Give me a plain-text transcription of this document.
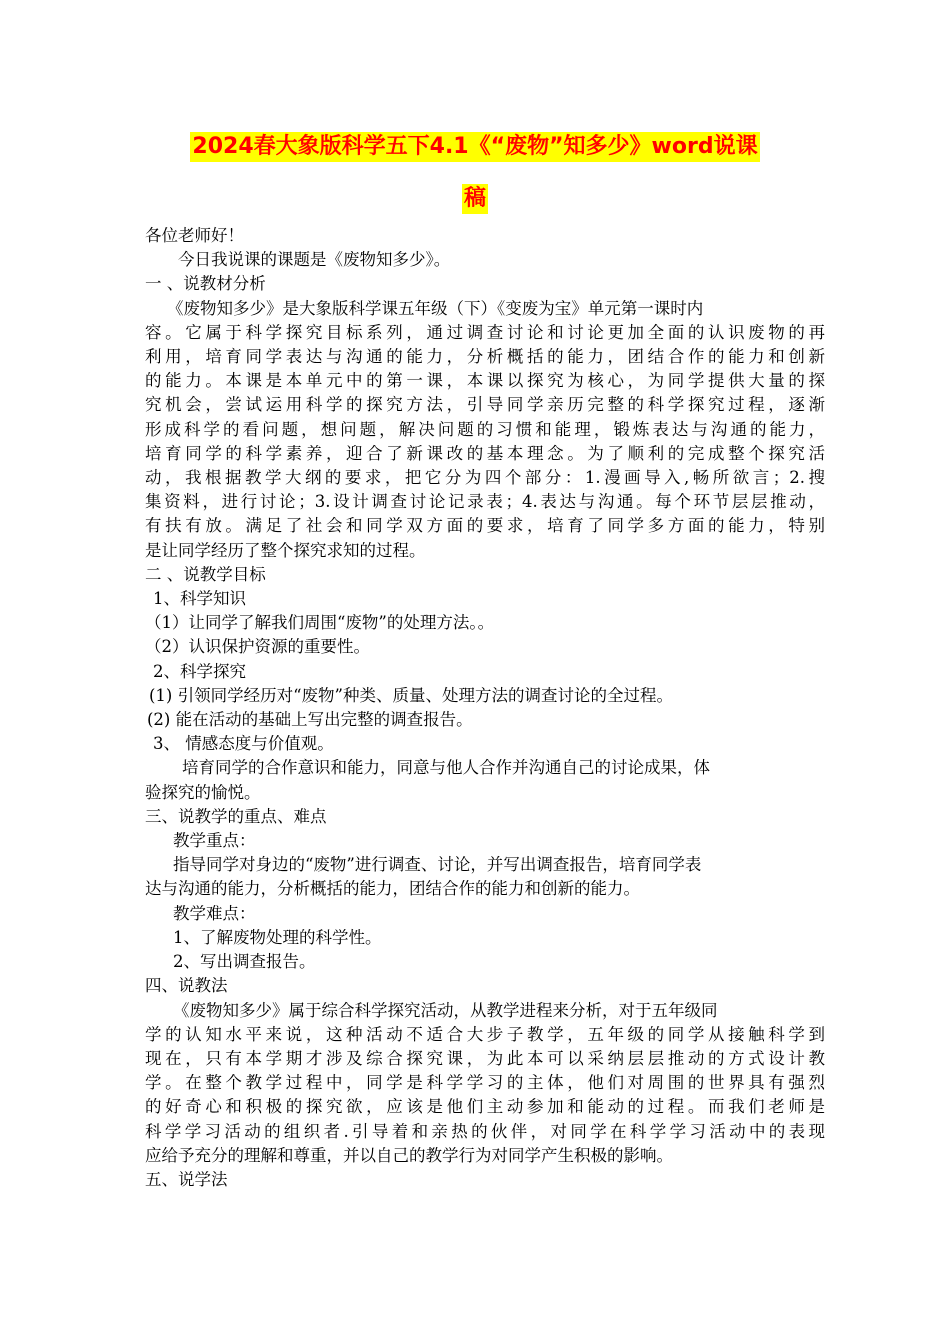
2024春大象版科学五下4.1《“废物”知多少》word说课
稿
各位老师好！
今日我说课的课题是《废物知多少》。
一 、说教材分析
《废物知多少》是大象版科学课五年级（下）《变废为宝》单元第一课时内
容。它属于科学探究目标系列，通过调查讨论和讨论更加全面的认识废物的再
利用，培育同学表达与沟通的能力，分析概括的能力，团结合作的能力和创新
的能力。本课是本单元中的第一课，本课以探究为核心，为同学提供大量的探
究机会，尝试运用科学的探究方法，引导同学亲历完整的科学探究过程，逐渐
形成科学的看问题，想问题，解决问题的习惯和能理，锻炼表达与沟通的能力，
培育同学的科学素养，迎合了新课改的基本理念。为了顺利的完成整个探究活
动，我根据教学大纲的要求，把它分为四个部分：1.漫画导入,畅所欲言；2.搜
集资料，进行讨论；3.设计调查讨论记录表；4.表达与沟通。每个环节层层推动，
有扶有放。满足了社会和同学双方面的要求，培育了同学多方面的能力，特别
是让同学经历了整个探究求知的过程。
二 、说教学目标
1、科学知识
（1）让同学了解我们周围“废物”的处理方法。。
（2）认识保护资源的重要性。
2、科学探究
(1) 引领同学经历对“废物”种类、质量、处理方法的调查讨论的全过程。
(2) 能在活动的基础上写出完整的调查报告。
3、 情感态度与价值观。
培育同学的合作意识和能力，同意与他人合作并沟通自己的讨论成果，体
验探究的愉悦。
三、说教学的重点、难点
教学重点：
指导同学对身边的“废物”进行调查、讨论，并写出调查报告，培育同学表
达与沟通的能力，分析概括的能力，团结合作的能力和创新的能力。
教学难点：
1、了解废物处理的科学性。
2、写出调查报告。
四、说教法
《废物知多少》属于综合科学探究活动，从教学进程来分析，对于五年级同
学的认知水平来说，这种活动不适合大步子教学，五年级的同学从接触科学到
现在，只有本学期才涉及综合探究课，为此本可以采纳层层推动的方式设计教
学。在整个教学过程中，同学是科学学习的主体，他们对周围的世界具有强烈
的好奇心和积极的探究欲，应该是他们主动参加和能动的过程。而我们老师是
科学学习活动的组织者.引导着和亲热的伙伴，对同学在科学学习活动中的表现
应给予充分的理解和尊重，并以自己的教学行为对同学产生积极的影响。
五、说学法
